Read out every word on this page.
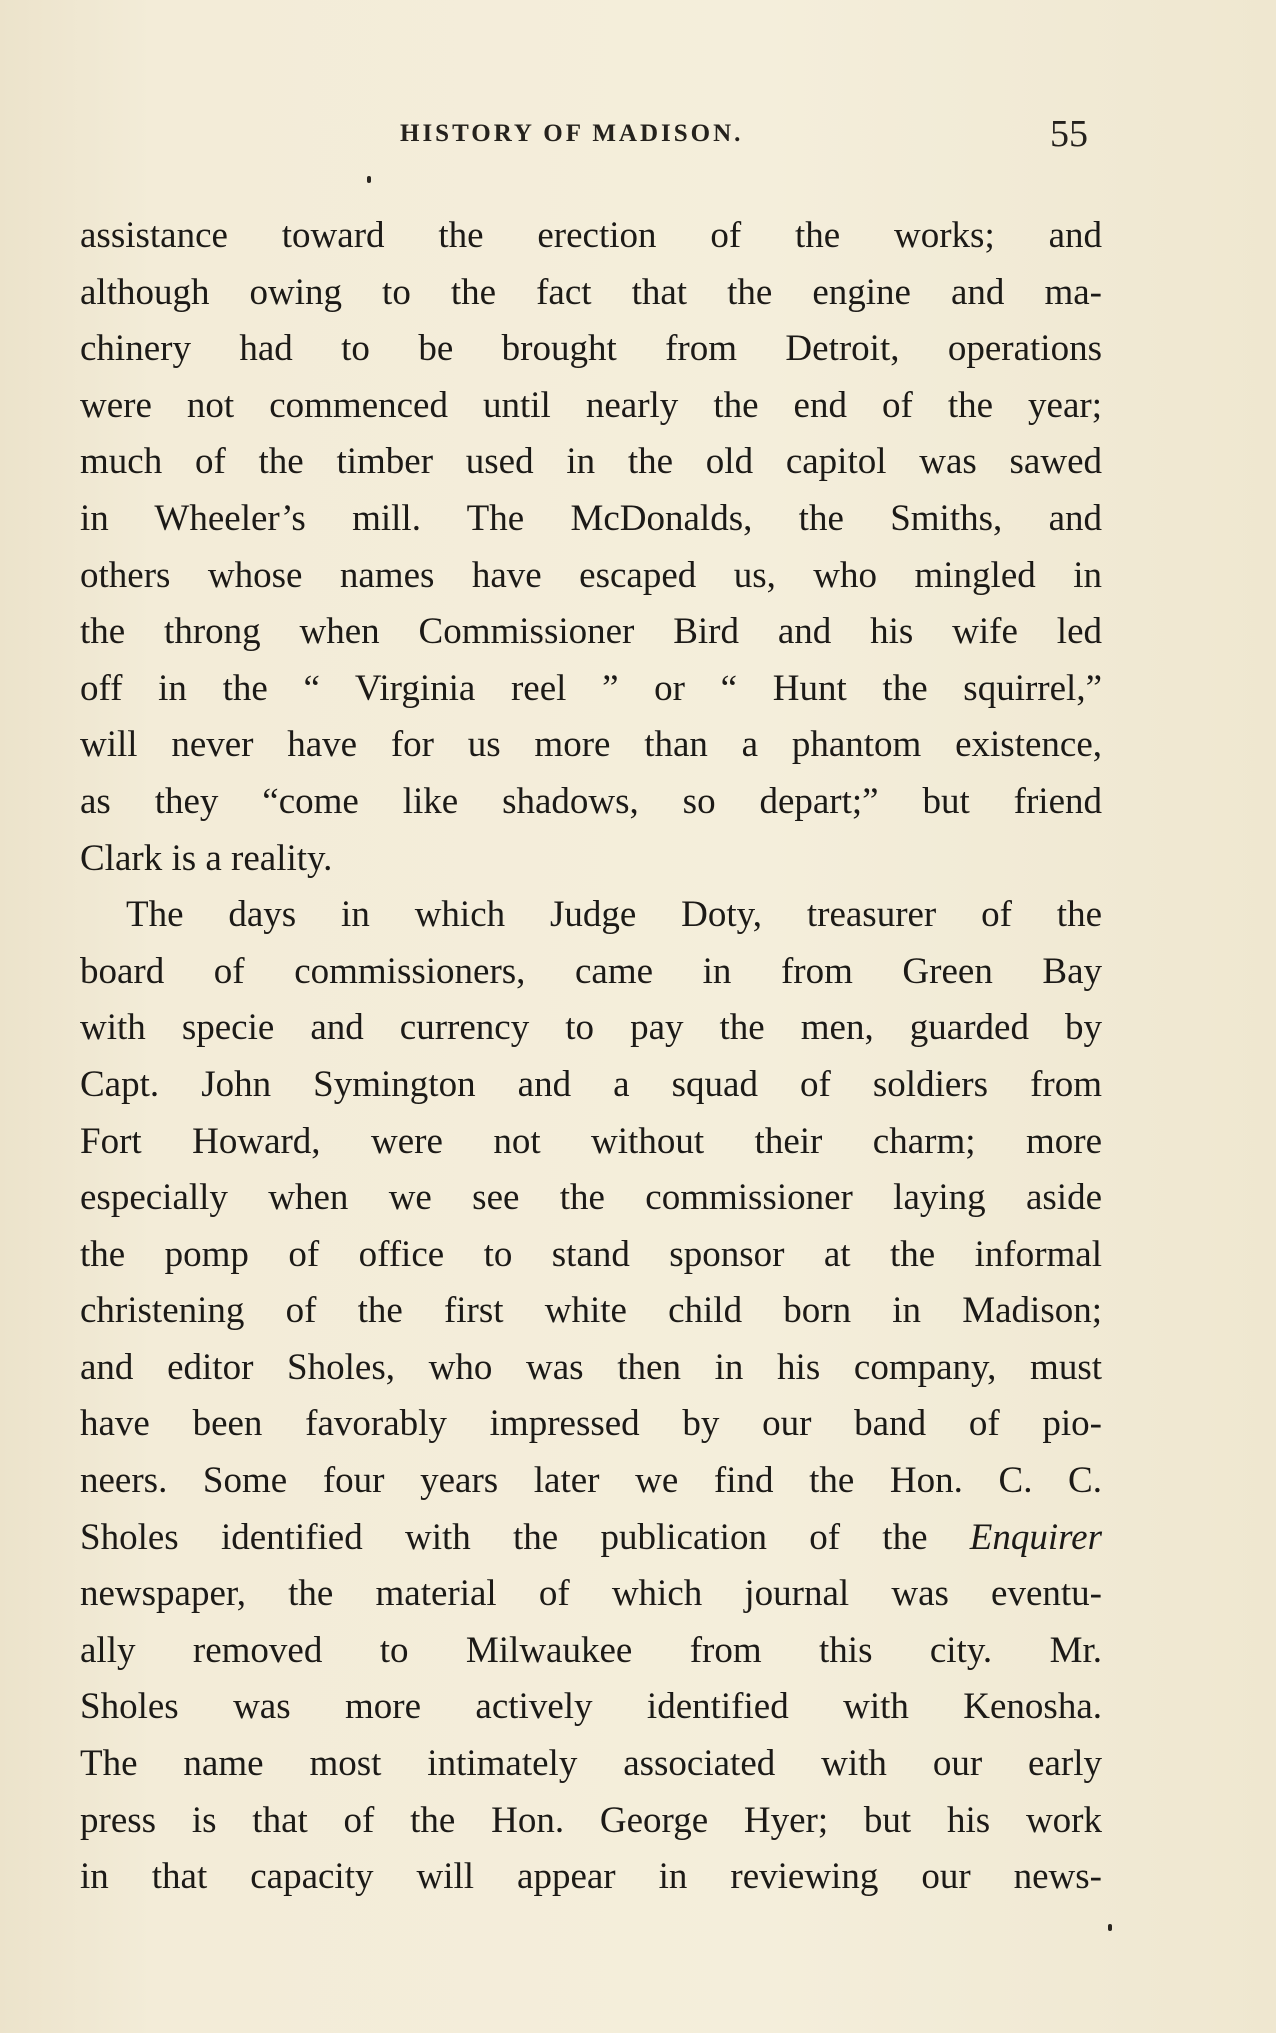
HISTORY OF MADISON.	55
assistance toward the erection of the works; and
although owing to the fact that the engine and ma-
chinery had to be brought from Detroit, operations
were not commenced until nearly the end of the year;
much of the timber used in the old capitol was sawed
in Wheeler’s mill. The McDonalds, the Smiths, and
others whose names have escaped us, who mingled in
the throng when Commissioner Bird and his wife led
off in the “ Virginia reel ” or “ Hunt the squirrel,”
will never have for us more than a phantom existence,
as they “come like shadows, so depart;” but friend
Clark is a reality.
The days in which Judge Doty, treasurer of the
board of commissioners, came in from Green Bay
with specie and currency to pay the men, guarded by
Capt. John Symington and a squad of soldiers from
Fort Howard, were not without their charm; more
especially when we see the commissioner laying aside
the pomp of office to stand sponsor at the informal
christening of the first white child born in Madison;
and editor Sholes, who was then in his company, must
have been favorably impressed by our band of pio-
neers. Some four years later we find the Hon. C. C.
Sholes identified with the publication of the Enquirer
newspaper, the material of which journal was eventu-
ally removed to Milwaukee from this city. Mr.
Sholes was more actively identified with Kenosha.
The name most intimately associated with our early
press is that of the Hon. George Hyer; but his work
in that capacity will appear in reviewing our news-
